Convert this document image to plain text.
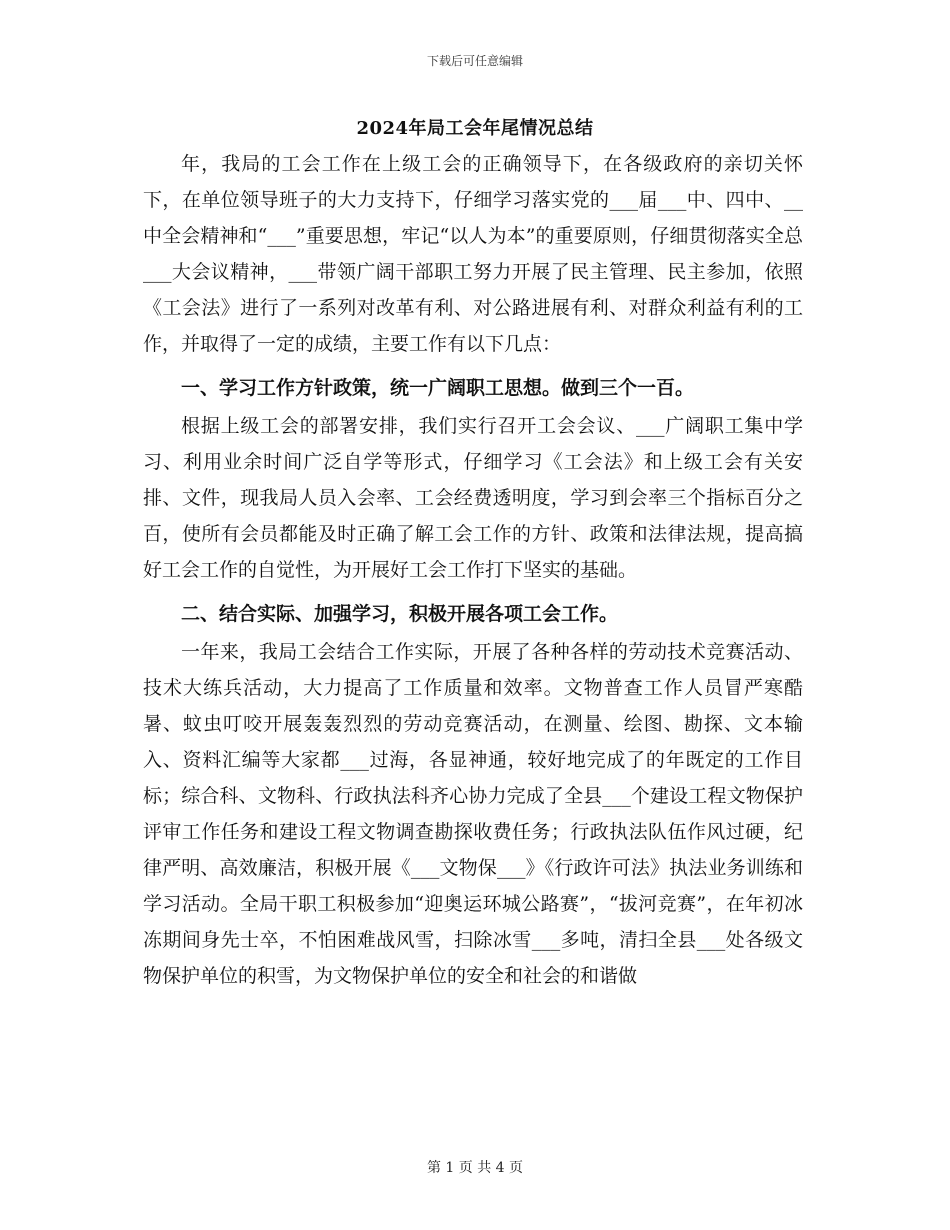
下载后可任意编辑
2024年局工会年尾情况总结

年，我局的工会工作在上级工会的正确领导下，在各级政府的亲切关怀下，在单位领导班子的大力支持下，仔细学习落实党的___届___中、四中、__中全会精神和“___”重要思想，牢记“以人为本”的重要原则，仔细贯彻落实全总___大会议精神，___带领广阔干部职工努力开展了民主管理、民主参加，依照《工会法》进行了一系列对改革有利、对公路进展有利、对群众利益有利的工作，并取得了一定的成绩，主要工作有以下几点：

一、学习工作方针政策，统一广阔职工思想。做到三个一百。

根据上级工会的部署安排，我们实行召开工会会议、___广阔职工集中学习、利用业余时间广泛自学等形式，仔细学习《工会法》和上级工会有关安排、文件，现我局人员入会率、工会经费透明度，学习到会率三个指标百分之百，使所有会员都能及时正确了解工会工作的方针、政策和法律法规，提高搞好工会工作的自觉性，为开展好工会工作打下坚实的基础。

二、结合实际、加强学习，积极开展各项工会工作。

一年来，我局工会结合工作实际，开展了各种各样的劳动技术竞赛活动、技术大练兵活动，大力提高了工作质量和效率。文物普查工作人员冒严寒酷暑、蚊虫叮咬开展轰轰烈烈的劳动竞赛活动，在测量、绘图、勘探、文本输入、资料汇编等大家都___过海，各显神通，较好地完成了的年既定的工作目标；综合科、文物科、行政执法科齐心协力完成了全县___个建设工程文物保护评审工作任务和建设工程文物调查勘探收费任务；行政执法队伍作风过硬，纪律严明、高效廉洁，积极开展《___文物保___》《行政许可法》执法业务训练和学习活动。全局干职工积极参加“迎奥运环城公路赛”，“拔河竞赛”，在年初冰冻期间身先士卒，不怕困难战风雪，扫除冰雪___多吨，清扫全县___处各级文物保护单位的积雪，为文物保护单位的安全和社会的和谐做

第 1 页 共 4 页
